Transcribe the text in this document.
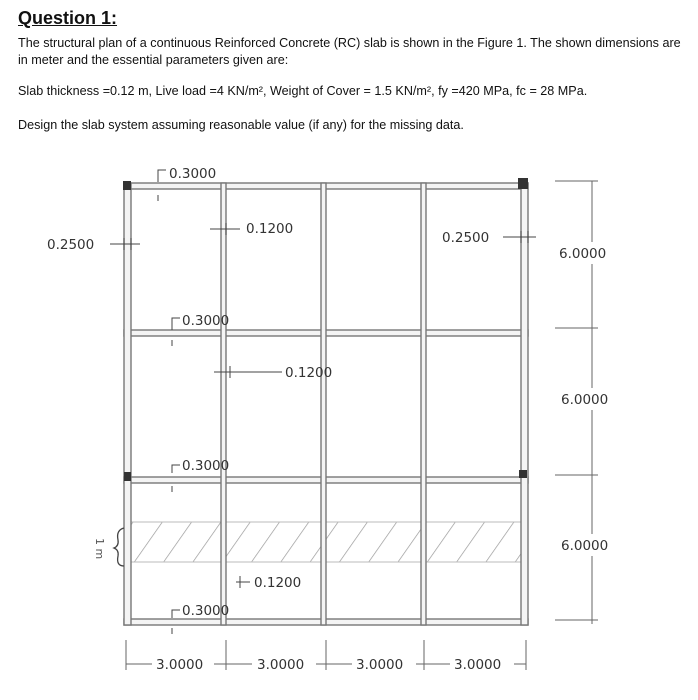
Question 1:
The structural plan of a continuous Reinforced Concrete (RC) slab is shown in the Figure 1. The shown dimensions are in meter and the essential parameters given are:
Slab thickness =0.12 m, Live load =4 KN/m², Weight of Cover = 1.5 KN/m², fy =420 MPa, fc = 28 MPa.
Design the slab system assuming reasonable value (if any) for the missing data.
0.3000
0.3000
0.3000
0.3000
0.1200
0.1200
0.1200
0.2500	0.2500
6.0000
6.0000
6.0000
3.0000	3.0000	3.0000	3.0000
1 m
